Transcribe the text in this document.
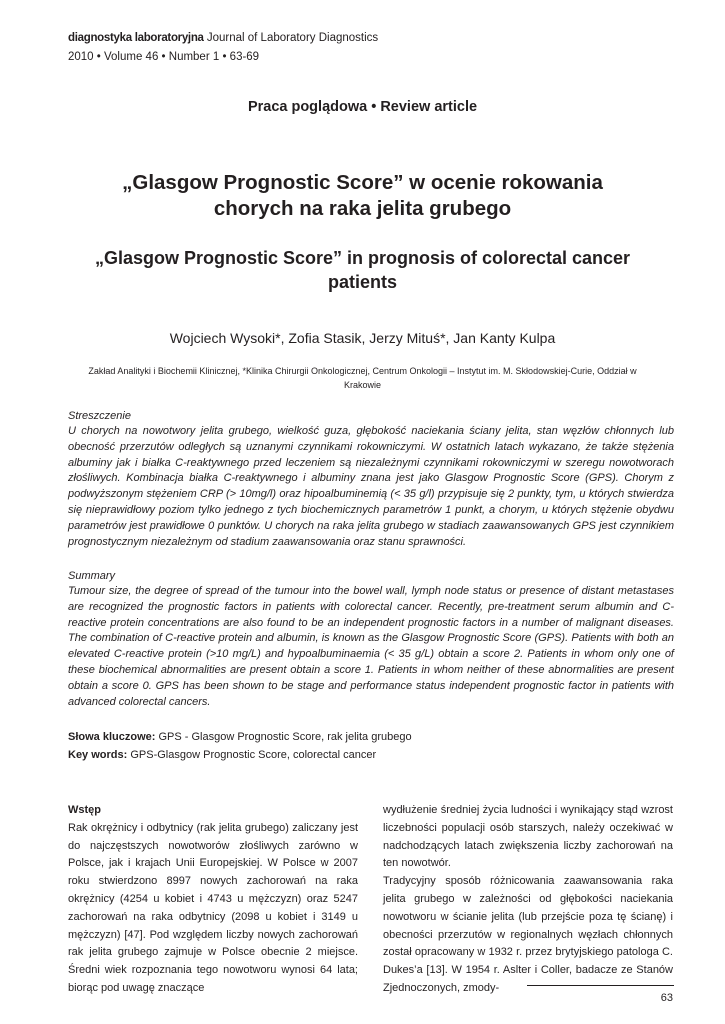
diagnostyka laboratoryjna Journal of Laboratory Diagnostics
2010 • Volume 46 • Number 1 • 63-69
Praca poglądowa • Review article
„Glasgow Prognostic Score” w ocenie rokowania chorych na raka jelita grubego
„Glasgow Prognostic Score” in prognosis of colorectal cancer patients
Wojciech Wysoki*, Zofia Stasik, Jerzy Mituś*, Jan Kanty Kulpa
Zakład Analityki i Biochemii Klinicznej, *Klinika Chirurgii Onkologicznej, Centrum Onkologii – Instytut im. M. Skłodowskiej-Curie, Oddział w Krakowie
Streszczenie
U chorych na nowotwory jelita grubego, wielkość guza, głębokość naciekania ściany jelita, stan węzłów chłonnych lub obecność przerzutów odległych są uznanymi czynnikami rokowniczymi. W ostatnich latach wykazano, że także stężenia albuminy jak i białka C-reaktywnego przed leczeniem są niezależnymi czynnikami rokowniczymi w szeregu nowotworach złośliwych. Kombinacja białka C-reaktywnego i albuminy znana jest jako Glasgow Prognostic Score (GPS). Chorym z podwyższonym stężeniem CRP (> 10mg/l) oraz hipoalbuminemią (< 35 g/l) przypisuje się 2 punkty, tym, u których stwierdza się nieprawidłowy poziom tylko jednego z tych biochemicznych parametrów 1 punkt, a chorym, u których stężenie obydwu parametrów jest prawidłowe 0 punktów. U chorych na raka jelita grubego w stadiach zaawansowanych GPS jest czynnikiem prognostycznym niezależnym od stadium zaawansowania oraz stanu sprawności.
Summary
Tumour size, the degree of spread of the tumour into the bowel wall, lymph node status or presence of distant metastases are recognized the prognostic factors in patients with colorectal cancer. Recently, pre-treatment serum albumin and C-reactive protein concentrations are also found to be an independent prognostic factors in a number of malignant diseases. The combination of C-reactive protein and albumin, is known as the Glasgow Prognostic Score (GPS). Patients with both an elevated C-reactive protein (>10 mg/L) and hypoalbuminaemia (< 35 g/L) obtain a score 2. Patients in whom only one of these biochemical abnormalities are present obtain a score 1. Patients in whom neither of these abnormalities are present obtain a score 0. GPS has been shown to be stage and performance status independent prognostic factor in patients with advanced colorectal cancers.
Słowa kluczowe: GPS - Glasgow Prognostic Score, rak jelita grubego
Key words: GPS-Glasgow Prognostic Score, colorectal cancer
Wstęp

Rak okrężnicy i odbytnicy (rak jelita grubego) zaliczany jest do najczęstszych nowotworów złośliwych zarówno w Polsce, jak i krajach Unii Europejskiej. W Polsce w 2007 roku stwierdzono 8997 nowych zachorowań na raka okrężnicy (4254 u kobiet i 4743 u mężczyzn) oraz 5247 zachorowań na raka odbytnicy (2098 u kobiet i 3149 u mężczyzn) [47]. Pod względem liczby nowych zachorowań rak jelita grubego zajmuje w Polsce obecnie 2 miejsce. Średni wiek rozpoznania tego nowotworu wynosi 64 lata; biorąc pod uwagę znaczące

wydłużenie średniej życia ludności i wynikający stąd wzrost liczebności populacji osób starszych, należy oczekiwać w nadchodzących latach zwiększenia liczby zachorowań na ten nowotwór.

Tradycyjny sposób różnicowania zaawansowania raka jelita grubego w zależności od głębokości naciekania nowotworu w ścianie jelita (lub przejście poza tę ścianę) i obecności przerzutów w regionalnych węzłach chłonnych został opracowany w 1932 r. przez brytyjskiego patologa C. Dukes’a [13]. W 1954 r. Aslter i Coller, badacze ze Stanów Zjednoczonych, zmody-

63
